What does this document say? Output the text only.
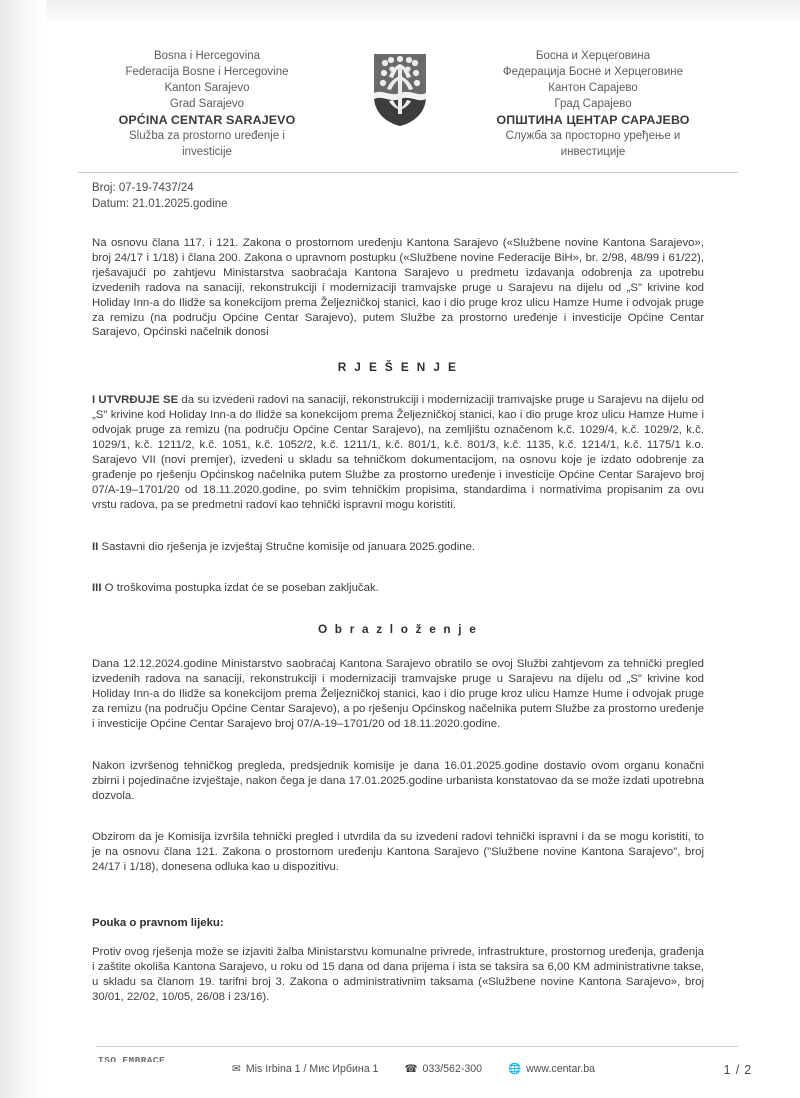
Bosna i Hercegovina
Federacija Bosne i Hercegovine
Kanton Sarajevo
Grad Sarajevo
OPĆINA CENTAR SARAJEVO
Služba za prostorno uređenje i
investicije
Босна и Херцеговина
Федерација Босне и Херцеговине
Кантон Сарајево
Град Сарајево
ОПШТИНА ЦЕНТАР САРАЈЕВО
Служба за просторно уређење и
инвестиције
Broj: 07-19-7437/24
Datum: 21.01.2025.godine

Na osnovu člana 117. i 121. Zakona o prostornom uređenju Kantona Sarajevo («Službene novine Kantona Sarajevo», broj 24/17 i 1/18) i člana 200. Zakona o upravnom postupku («Službene novine Federacije BiH», br. 2/98, 48/99 i 61/22), rješavajući po zahtjevu Ministarstva saobraćaja Kantona Sarajevo u predmetu izdavanja odobrenja za upotrebu izvedenih radova na sanaciji, rekonstrukciji i modernizaciji tramvajske pruge u Sarajevu na dijelu od „S" krivine kod Holiday Inn-a do Ilidže sa konekcijom prema Željezničkoj stanici, kao i dio pruge kroz ulicu Hamze Hume i odvojak pruge za remizu (na području Općine Centar Sarajevo), putem Službe za prostorno uređenje i investicije Općine Centar Sarajevo, Općinski načelnik donosi

R J E Š E N J E

I UTVRĐUJE SE da su izvedeni radovi na sanaciji, rekonstrukciji i modernizaciji tramvajske pruge u Sarajevu na dijelu od „S" krivine kod Holiday Inn-a do Ilidže sa konekcijom prema Željezničkoj stanici, kao i dio pruge kroz ulicu Hamze Hume i odvojak pruge za remizu (na području Općine Centar Sarajevo), na zemljištu označenom k.č. 1029/4, k.č. 1029/2, k.č. 1029/1, k.č. 1211/2, k.č. 1051, k.č. 1052/2, k.č. 1211/1, k.č. 801/1, k.č. 801/3, k.č. 1135, k.č. 1214/1, k.č. 1175/1 k.o. Sarajevo VII (novi premjer), izvedeni u skladu sa tehničkom dokumentacijom, na osnovu koje je izdato odobrenje za građenje po rješenju Općinskog načelnika putem Službe za prostorno uređenje i investicije Općine Centar Sarajevo broj 07/A-19–1701/20 od 18.11.2020.godine, po svim tehničkim propisima, standardima i normativima propisanim za ovu vrstu radova, pa se predmetni radovi kao tehnički ispravni mogu koristiti.

II Sastavni dio rješenja je izvještaj Stručne komisije od januara 2025.godine.

III O troškovima postupka izdat će se poseban zaključak.

O b r a z l o ž e n j e

Dana 12.12.2024.godine Ministarstvo saobraćaj Kantona Sarajevo obratilo se ovoj Službi zahtjevom za tehnički pregled izvedenih radova na sanaciji, rekonstrukciji i modernizaciji tramvajske pruge u Sarajevu na dijelu od „S" krivine kod Holiday Inn-a do Ilidže sa konekcijom prema Željezničkoj stanici, kao i dio pruge kroz ulicu Hamze Hume i odvojak pruge za remizu (na području Općine Centar Sarajevo), a po rješenju Općinskog načelnika putem Službe za prostorno uređenje i investicije Općine Centar Sarajevo broj 07/A-19–1701/20 od 18.11.2020.godine.

Nakon izvršenog tehničkog pregleda, predsjednik komisije je dana 16.01.2025.godine dostavio ovom organu konačni zbirni i pojedinačne izvještaje, nakon čega je dana 17.01.2025.godine urbanista konstatovao da se može izdati upotrebna dozvola.

Obzirom da je Komisija izvršila tehnički pregled i utvrdila da su izvedeni radovi tehnički ispravni i da se mogu koristiti, to je na osnovu člana 121. Zakona o prostornom uređenju Kantona Sarajevo ("Službene novine Kantona Sarajevo", broj 24/17 i 1/18), donesena odluka kao u dispozitivu.

Pouka o pravnom lijeku:

Protiv ovog rješenja može se izjaviti žalba Ministarstvu komunalne privrede, infrastrukture, prostornog uređenja, građenja i zaštite okoliša Kantona Sarajevo, u roku od 15 dana od dana prijema i ista se taksira sa 6,00 KM administrativne takse, u skladu sa članom 19. tarifni broj 3. Zakona o administrativnim taksama («Službene novine Kantona Sarajevo», broj 30/01, 22/02, 10/05, 26/08 i 23/16).

ISO EMBRACE
✉ Mis Irbina 1 / Мис Ирбина 1 ☎ 033/562-300 🌐 www.centar.ba	1 / 2
